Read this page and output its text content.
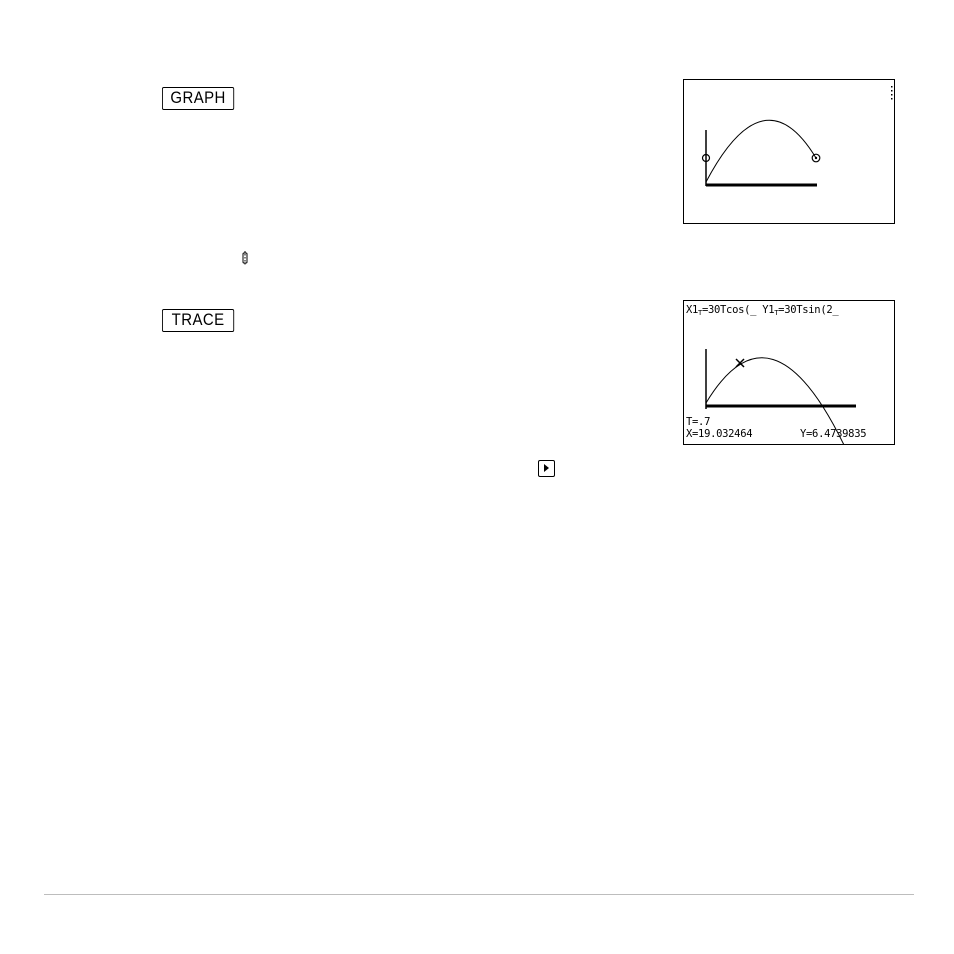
GRAPH
TRACE	$X1_T=30Tcos(\_$ $Y1_T=30Tsin(2\_$
T=.7
X=19.032464	Y=6.4739835
